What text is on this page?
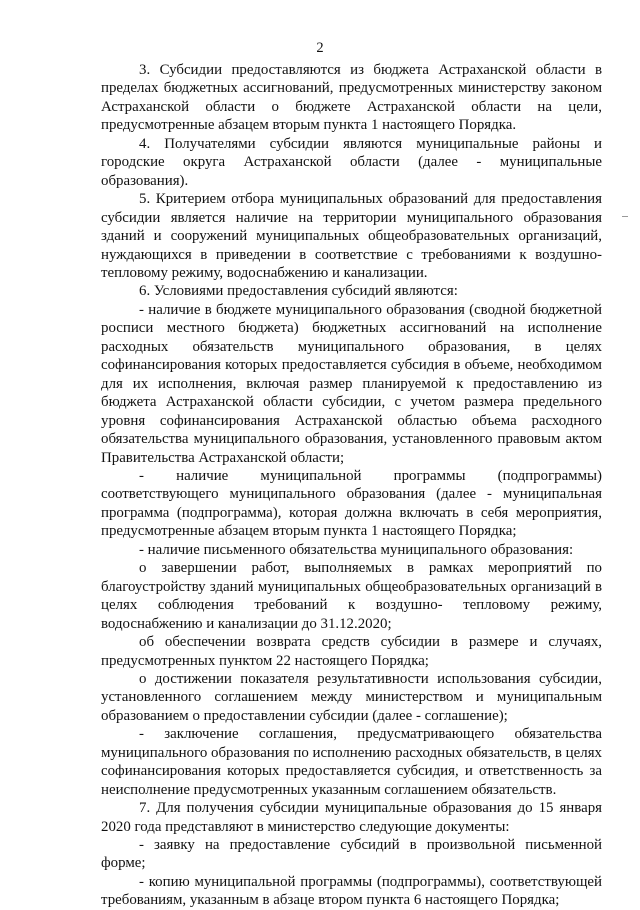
2

3. Субсидии предоставляются из бюджета Астраханской области в пределах бюджетных ассигнований, предусмотренных министерству законом Астраханской области о бюджете Астраханской области на цели, предусмотренные абзацем вторым пункта 1 настоящего Порядка.

4. Получателями субсидии являются муниципальные районы и городские округа Астраханской области (далее - муниципальные образования).

5. Критерием отбора муниципальных образований для предоставления субсидии является наличие на территории муниципального образования зданий и сооружений муниципальных общеобразовательных организаций, нуждающихся в приведении в соответствие с требованиями к воздушно- тепловому режиму, водоснабжению и канализации.

6. Условиями предоставления субсидий являются:

- наличие в бюджете муниципального образования (сводной бюджетной росписи местного бюджета) бюджетных ассигнований на исполнение расходных обязательств муниципального образования, в целях софинансирования которых предоставляется субсидия в объеме, необходимом для их исполнения, включая размер планируемой к предоставлению из бюджета Астраханской области субсидии, с учетом размера предельного уровня софинансирования Астраханской областью объема расходного обязательства муниципального образования, установленного правовым актом Правительства Астраханской области;

- наличие муниципальной программы (подпрограммы) соответствующего муниципального образования (далее - муниципальная программа (подпрограмма), которая должна включать в себя мероприятия, предусмотренные абзацем вторым пункта 1 настоящего Порядка;

- наличие письменного обязательства муниципального образования:

о завершении работ, выполняемых в рамках мероприятий по благоустройству зданий муниципальных общеобразовательных организаций в целях соблюдения требований к воздушно- тепловому режиму, водоснабжению и канализации до 31.12.2020;

об обеспечении возврата средств субсидии в размере и случаях, предусмотренных пунктом 22 настоящего Порядка;

о достижении показателя результативности использования субсидии, установленного соглашением между министерством и муниципальным образованием о предоставлении субсидии (далее - соглашение);

- заключение соглашения, предусматривающего обязательства муниципального образования по исполнению расходных обязательств, в целях софинансирования которых предоставляется субсидия, и ответственность за неисполнение предусмотренных указанным соглашением обязательств.

7. Для получения субсидии муниципальные образования до 15 января 2020 года представляют в министерство следующие документы:

- заявку на предоставление субсидий в произвольной письменной форме;

- копию муниципальной программы (подпрограммы), соответствующей требованиям, указанным в абзаце втором пункта 6 настоящего Порядка;
